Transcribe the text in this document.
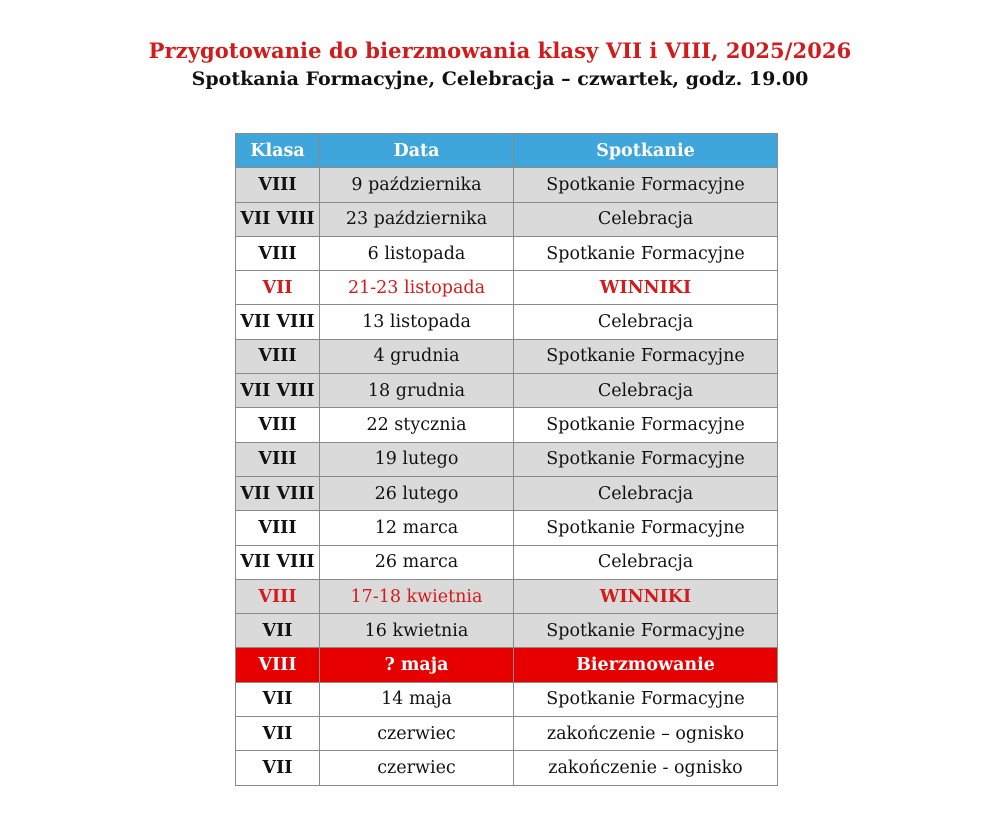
Przygotowanie do bierzmowania klasy VII i VIII, 2025/2026
Spotkania Formacyjne, Celebracja – czwartek, godz. 19.00
Klasa	Data	Spotkanie
VIII	9 października	Spotkanie Formacyjne
VII VIII	23 października	Celebracja
VIII	6 listopada	Spotkanie Formacyjne
VII	21-23 listopada	WINNIKI
VII VIII	13 listopada	Celebracja
VIII	4 grudnia	Spotkanie Formacyjne
VII VIII	18 grudnia	Celebracja
VIII	22 stycznia	Spotkanie Formacyjne
VIII	19 lutego	Spotkanie Formacyjne
VII VIII	26 lutego	Celebracja
VIII	12 marca	Spotkanie Formacyjne
VII VIII	26 marca	Celebracja
VIII	17-18 kwietnia	WINNIKI
VII	16 kwietnia	Spotkanie Formacyjne
VIII	? maja	Bierzmowanie
VII	14 maja	Spotkanie Formacyjne
VII	czerwiec	zakończenie – ognisko
VII	czerwiec	zakończenie - ognisko
